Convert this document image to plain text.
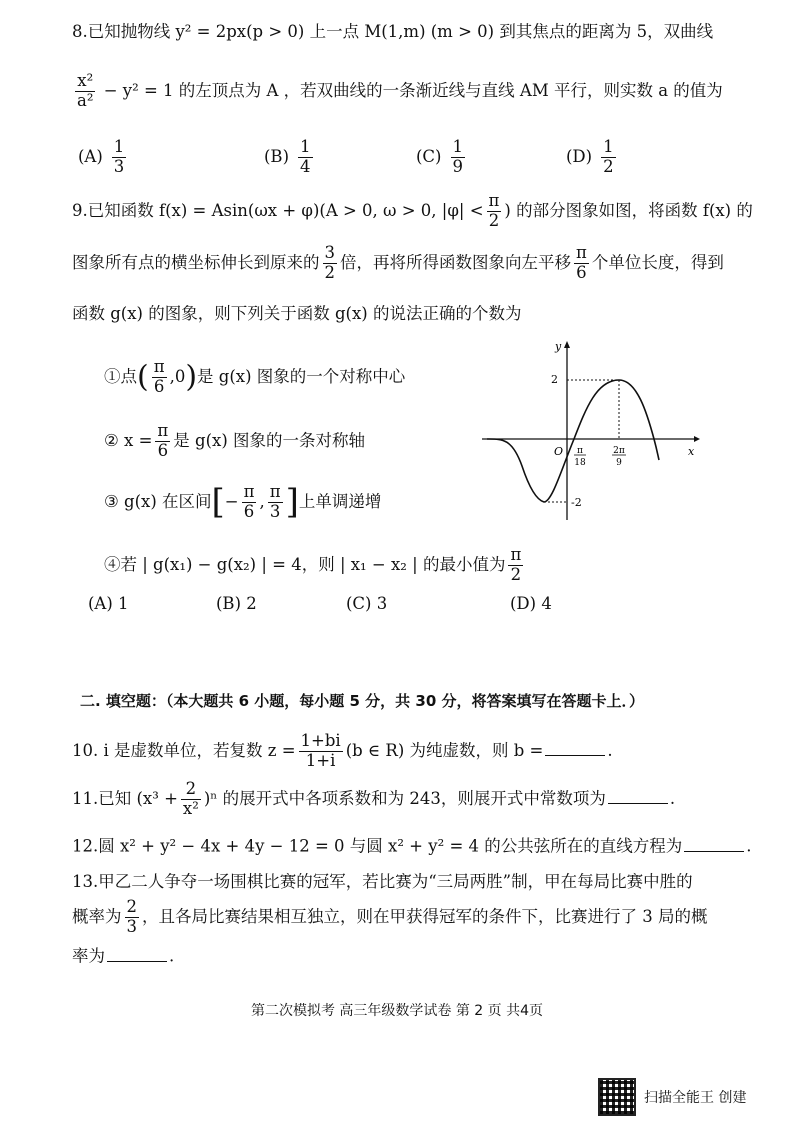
8.已知抛物线 y² = 2px(p > 0) 上一点 M(1,m) (m > 0) 到其焦点的距离为 5，双曲线
$\frac{\text{x²}}{\text{a²}} - y^2 = 1$ 的左顶点为 A ，若双曲线的一条渐近线与直线 AM 平行，则实数 a 的值为
$(A) \frac{1}{3}$	$(B) \frac{1}{4}$	$(C) \frac{1}{9}$	$(D) \frac{1}{2}$
9.已知函数 f(x) = Asin(ωx + φ)(A > 0, ω > 0, $|\varphi| < \frac{\pi}{2}$ ) 的部分图象如图，将函数 f(x) 的
图象所有点的横坐标伸长到原来的 $\frac{3}{2}$ 倍，再将所得函数图象向左平移 $\frac{\pi}{6}$ 个单位长度，得到
函数 g(x) 的图象，则下列关于函数 g(x) 的说法正确的个数为
①点( $\frac{\pi}{6} ,0$)是 g(x) 图象的一个对称中心
② $x = \frac{\pi}{6}$ 是 g(x) 图象的一条对称轴
③ g(x) 在区间[− $\frac{\pi}{6}$ , $\frac{\pi}{3}$ ]上单调递增
④若 | g(x₁) − g(x₂) | = 4，则 | x₁ − x₂ | 的最小值为 $\frac{\pi}{2}$
(A) 1	(B) 2	(C) 3	(D) 4
y
x
O
2
-2
π
18
2π
9
二. 填空题：（本大题共 6 小题，每小题 5 分，共 30 分，将答案填写在答题卡上．）
10. i 是虚数单位，若复数 $z = \frac{1+bi}{1+i} (b$ ∈ R) 为纯虚数，则 b =	.
11.已知 $(x^3 + \frac{2}{\text{x²}} )^n$ 的展开式中各项系数和为 243，则展开式中常数项为	.
12.圆 x² + y² − 4x + 4y − 12 = 0 与圆 x² + y² = 4 的公共弦所在的直线方程为	.
13.甲乙二人争夺一场围棋比赛的冠军，若比赛为“三局两胜”制，甲在每局比赛中胜的
概率为 $\frac{2}{3}$ ，且各局比赛结果相互独立，则在甲获得冠军的条件下，比赛进行了 3 局的概
率为	.
第二次模拟考 高三年级数学试卷 第 2 页 共4页
扫描全能王 创建
